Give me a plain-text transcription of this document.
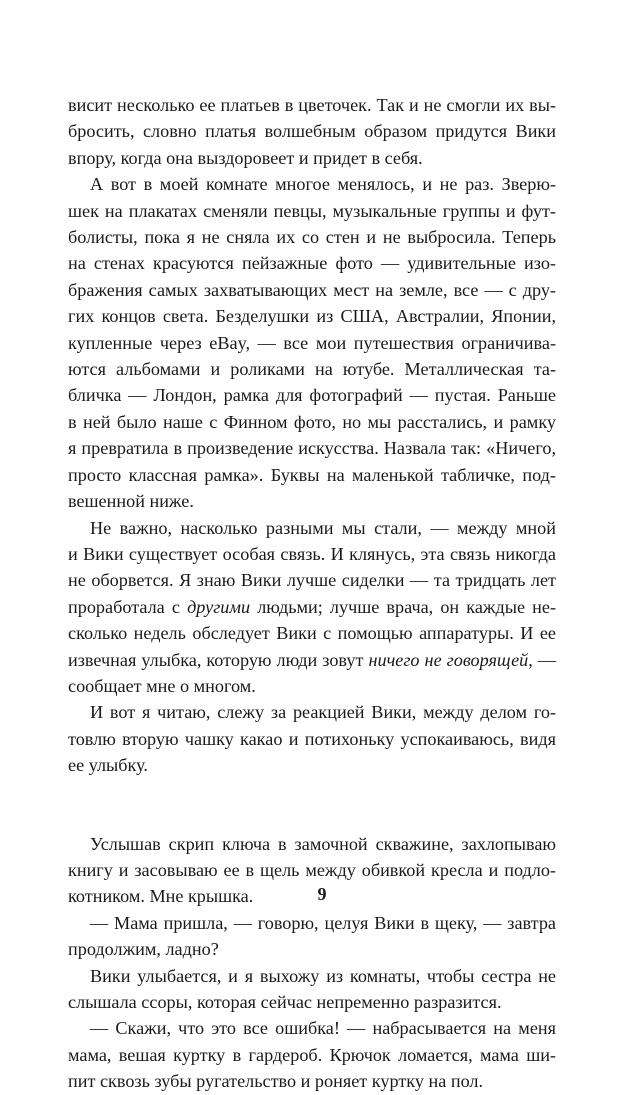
висит несколько ее платьев в цветочек. Так и не смогли их вы-
бросить, словно платья волшебным образом придутся Вики
впору, когда она выздоровеет и придет в себя.
А вот в моей комнате многое менялось, и не раз. Зверю-
шек на плакатах сменяли певцы, музыкальные группы и фут-
болисты, пока я не сняла их со стен и не выбросила. Теперь
на стенах красуются пейзажные фото — удивительные изо-
бражения самых захватывающих мест на земле, все — с дру-
гих концов света. Безделушки из США, Австралии, Японии,
купленные через eBay, — все мои путешествия ограничива-
ются альбомами и роликами на ютубе. Металлическая та-
бличка — Лондон, рамка для фотографий — пустая. Раньше
в ней было наше с Финном фото, но мы расстались, и рамку
я превратила в произведение искусства. Назвала так: «Ничего,
просто классная рамка». Буквы на маленькой табличке, под-
вешенной ниже.
Не важно, насколько разными мы стали, — между мной
и Вики существует особая связь. И клянусь, эта связь никогда
не оборвется. Я знаю Вики лучше сиделки — та тридцать лет
проработала с другими людьми; лучше врача, он каждые не-
сколько недель обследует Вики с помощью аппаратуры. И ее
извечная улыбка, которую люди зовут ничего не говорящей, —
сообщает мне о многом.
И вот я читаю, слежу за реакцией Вики, между делом го-
товлю вторую чашку какао и потихоньку успокаиваюсь, видя
ее улыбку.
Услышав скрип ключа в замочной скважине, захлопываю
книгу и засовываю ее в щель между обивкой кресла и подло-
котником. Мне крышка.
— Мама пришла, — говорю, целуя Вики в щеку, — завтра
продолжим, ладно?
Вики улыбается, и я выхожу из комнаты, чтобы сестра не
слышала ссоры, которая сейчас непременно разразится.
— Скажи, что это все ошибка! — набрасывается на меня
мама, вешая куртку в гардероб. Крючок ломается, мама ши-
пит сквозь зубы ругательство и роняет куртку на пол.
9
